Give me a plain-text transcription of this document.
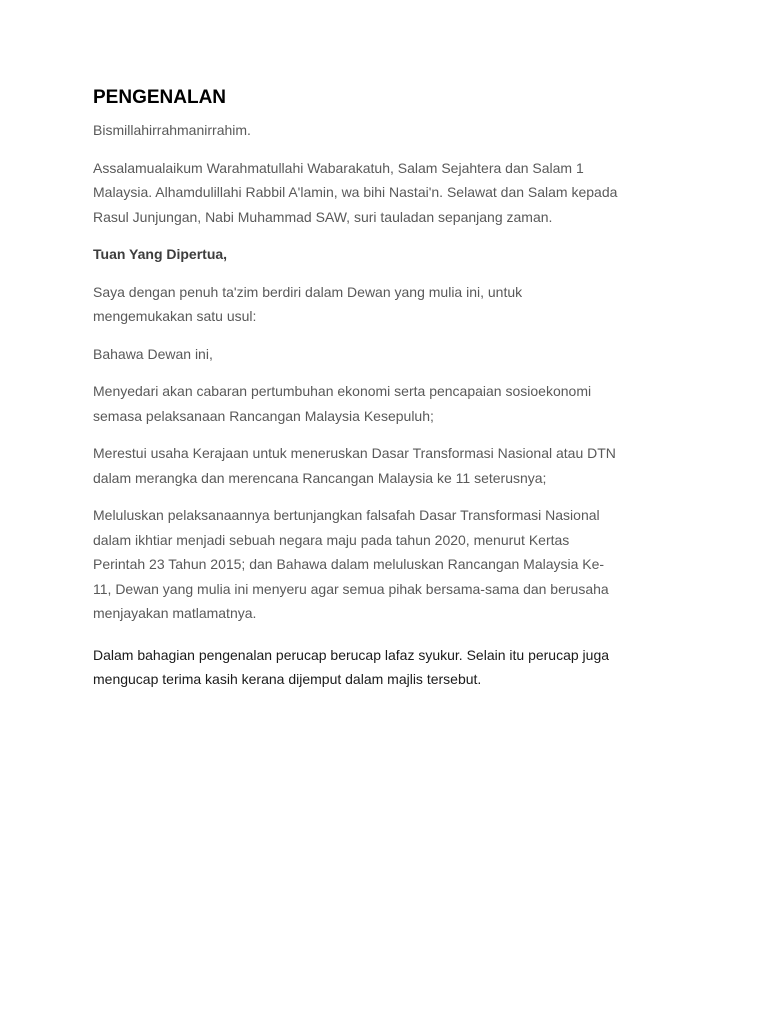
PENGENALAN
Bismillahirrahmanirrahim.
Assalamualaikum Warahmatullahi Wabarakatuh, Salam Sejahtera dan Salam 1
Malaysia. Alhamdulillahi Rabbil A'lamin, wa bihi Nastai'n. Selawat dan Salam kepada
Rasul Junjungan, Nabi Muhammad SAW, suri tauladan sepanjang zaman.
Tuan Yang Dipertua,
Saya dengan penuh ta'zim berdiri dalam Dewan yang mulia ini, untuk
mengemukakan satu usul:
Bahawa Dewan ini,
Menyedari akan cabaran pertumbuhan ekonomi serta pencapaian sosioekonomi
semasa pelaksanaan Rancangan Malaysia Kesepuluh;
Merestui usaha Kerajaan untuk meneruskan Dasar Transformasi Nasional atau DTN
dalam merangka dan merencana Rancangan Malaysia ke 11 seterusnya;
Meluluskan pelaksanaannya bertunjangkan falsafah Dasar Transformasi Nasional
dalam ikhtiar menjadi sebuah negara maju pada tahun 2020, menurut Kertas
Perintah 23 Tahun 2015; dan Bahawa dalam meluluskan Rancangan Malaysia Ke-
11, Dewan yang mulia ini menyeru agar semua pihak bersama-sama dan berusaha
menjayakan matlamatnya.
Dalam bahagian pengenalan perucap berucap lafaz syukur. Selain itu perucap juga
mengucap terima kasih kerana dijemput dalam majlis tersebut.
